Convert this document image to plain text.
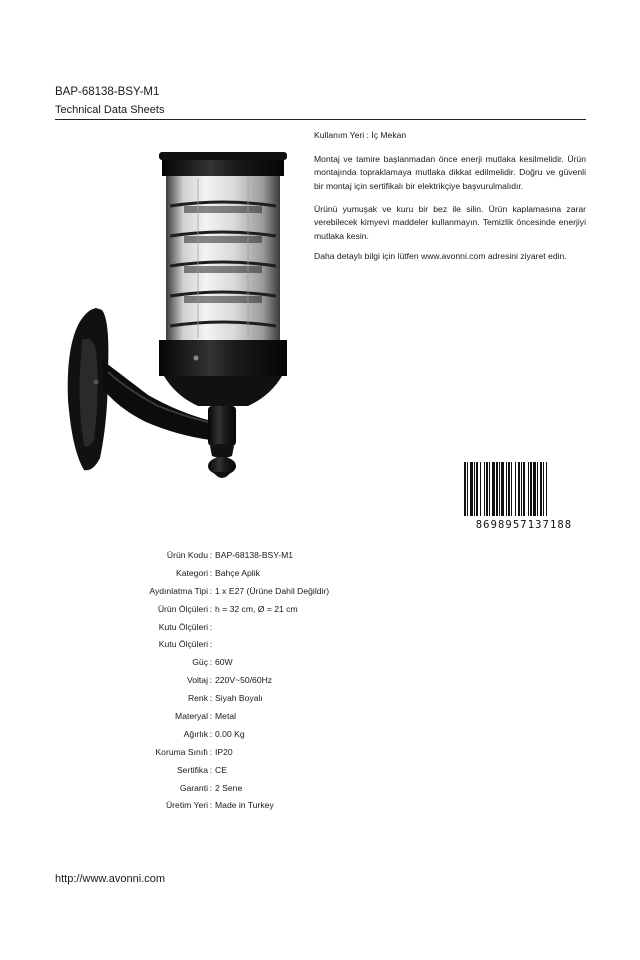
BAP-68138-BSY-M1
Technical Data Sheets
Kullanım Yeri : İç Mekan

Montaj ve tamire başlanmadan önce enerji mutlaka kesilmelidir. Ürün montajında topraklamaya mutlaka dikkat edilmelidir. Doğru ve güvenli bir montaj için sertifikalı bir elektrikçiye başvurulmalıdır.

Ürünü yumuşak ve kuru bir bez ile silin. Ürün kaplamasına zarar verebilecek kimyevi maddeler kullanmayın. Temizlik öncesinde enerjiyi mutlaka kesin.

Daha detaylı bilgi için lütfen www.avonni.com adresini ziyaret edin.

8698957137188
Ürün Kodu : BAP-68138-BSY-M1
Kategori : Bahçe Aplik
Aydınlatma Tipi : 1 x E27 (Ürüne Dahil Değildir)
Ürün Ölçüleri : h = 32 cm, Ø = 21 cm
Kutu Ölçüleri :
Kutu Ölçüleri :
Güç : 60W
Voltaj : 220V~50/60Hz
Renk : Siyah Boyalı
Materyal : Metal
Ağırlık : 0.00 Kg
Koruma Sınıfı : IP20
Sertifika : CE
Garanti : 2 Sene
Üretim Yeri : Made in Turkey
http://www.avonni.com
